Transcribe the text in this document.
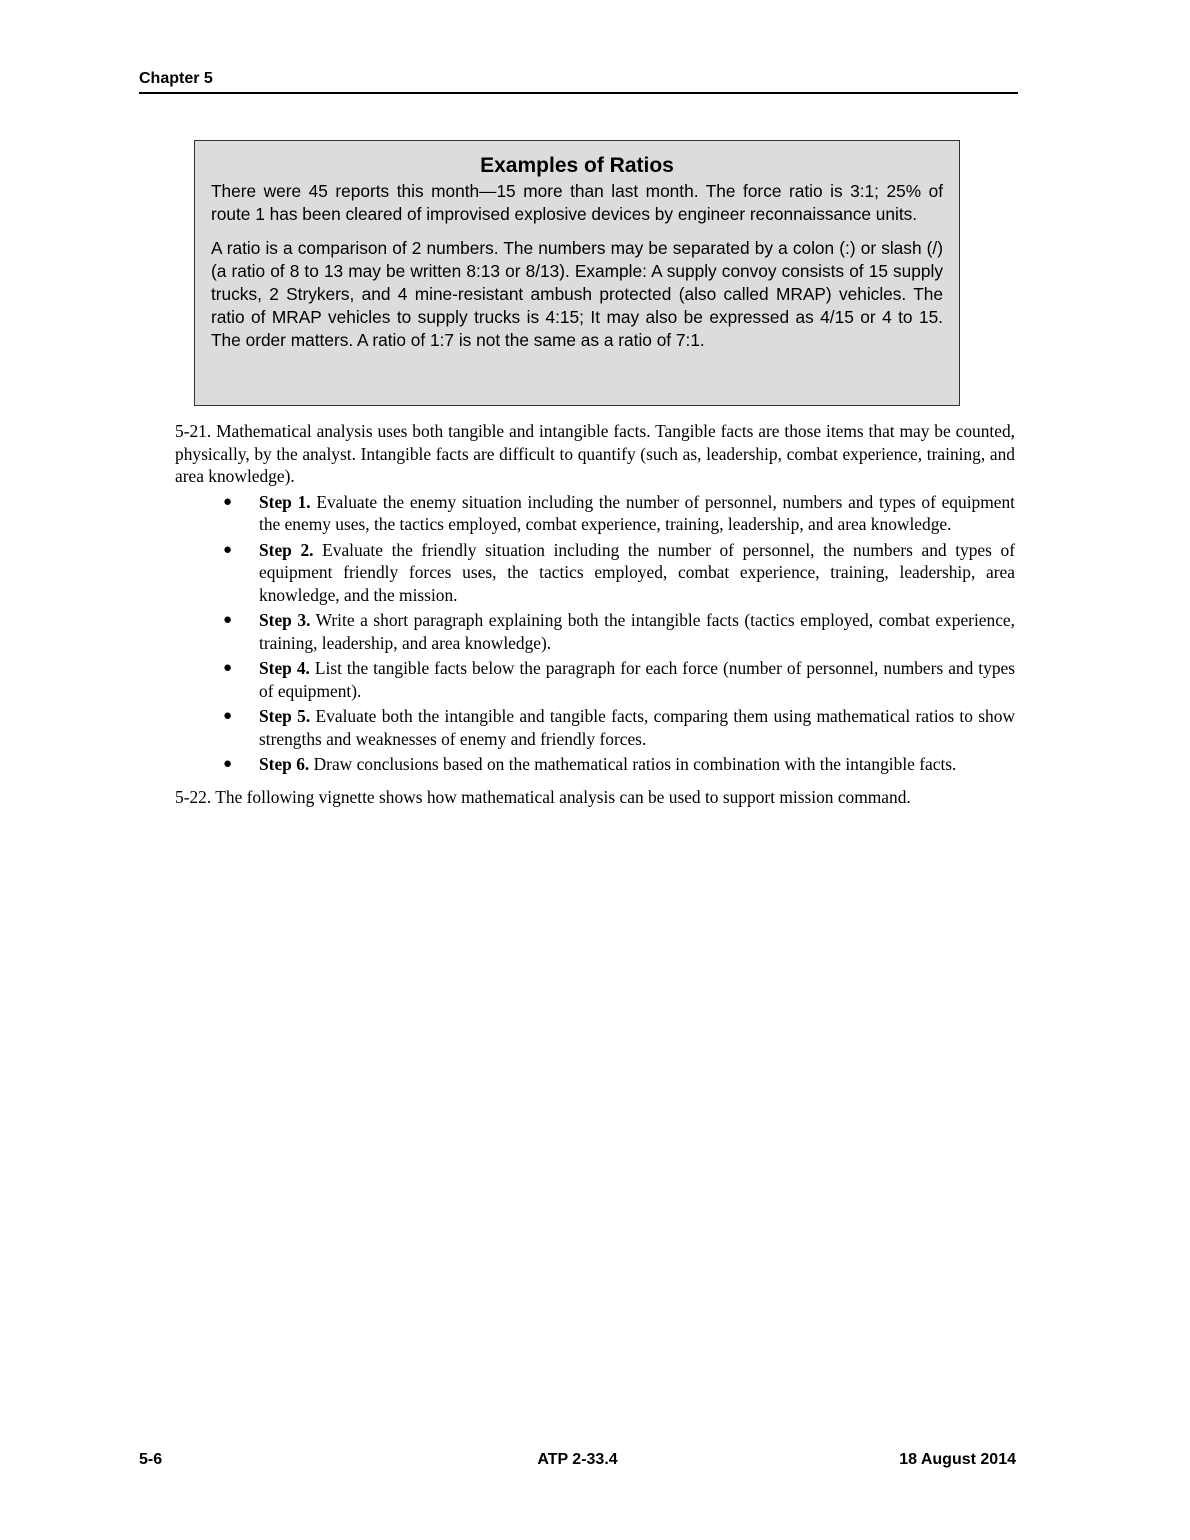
Chapter 5
Examples of Ratios

There were 45 reports this month—15 more than last month. The force ratio is 3:1; 25% of route 1 has been cleared of improvised explosive devices by engineer reconnaissance units.

A ratio is a comparison of 2 numbers. The numbers may be separated by a colon (:) or slash (/) (a ratio of 8 to 13 may be written 8:13 or 8/13). Example: A supply convoy consists of 15 supply trucks, 2 Strykers, and 4 mine-resistant ambush protected (also called MRAP) vehicles. The ratio of MRAP vehicles to supply trucks is 4:15; It may also be expressed as 4/15 or 4 to 15. The order matters. A ratio of 1:7 is not the same as a ratio of 7:1.

5-21. Mathematical analysis uses both tangible and intangible facts. Tangible facts are those items that may be counted, physically, by the analyst. Intangible facts are difficult to quantify (such as, leadership, combat experience, training, and area knowledge).

● Step 1. Evaluate the enemy situation including the number of personnel, numbers and types of equipment the enemy uses, the tactics employed, combat experience, training, leadership, and area knowledge.
● Step 2. Evaluate the friendly situation including the number of personnel, the numbers and types of equipment friendly forces uses, the tactics employed, combat experience, training, leadership, area knowledge, and the mission.
● Step 3. Write a short paragraph explaining both the intangible facts (tactics employed, combat experience, training, leadership, and area knowledge).
● Step 4. List the tangible facts below the paragraph for each force (number of personnel, numbers and types of equipment).
● Step 5. Evaluate both the intangible and tangible facts, comparing them using mathematical ratios to show strengths and weaknesses of enemy and friendly forces.
● Step 6. Draw conclusions based on the mathematical ratios in combination with the intangible facts.

5-22. The following vignette shows how mathematical analysis can be used to support mission command.

5-6	ATP 2-33.4	18 August 2014
